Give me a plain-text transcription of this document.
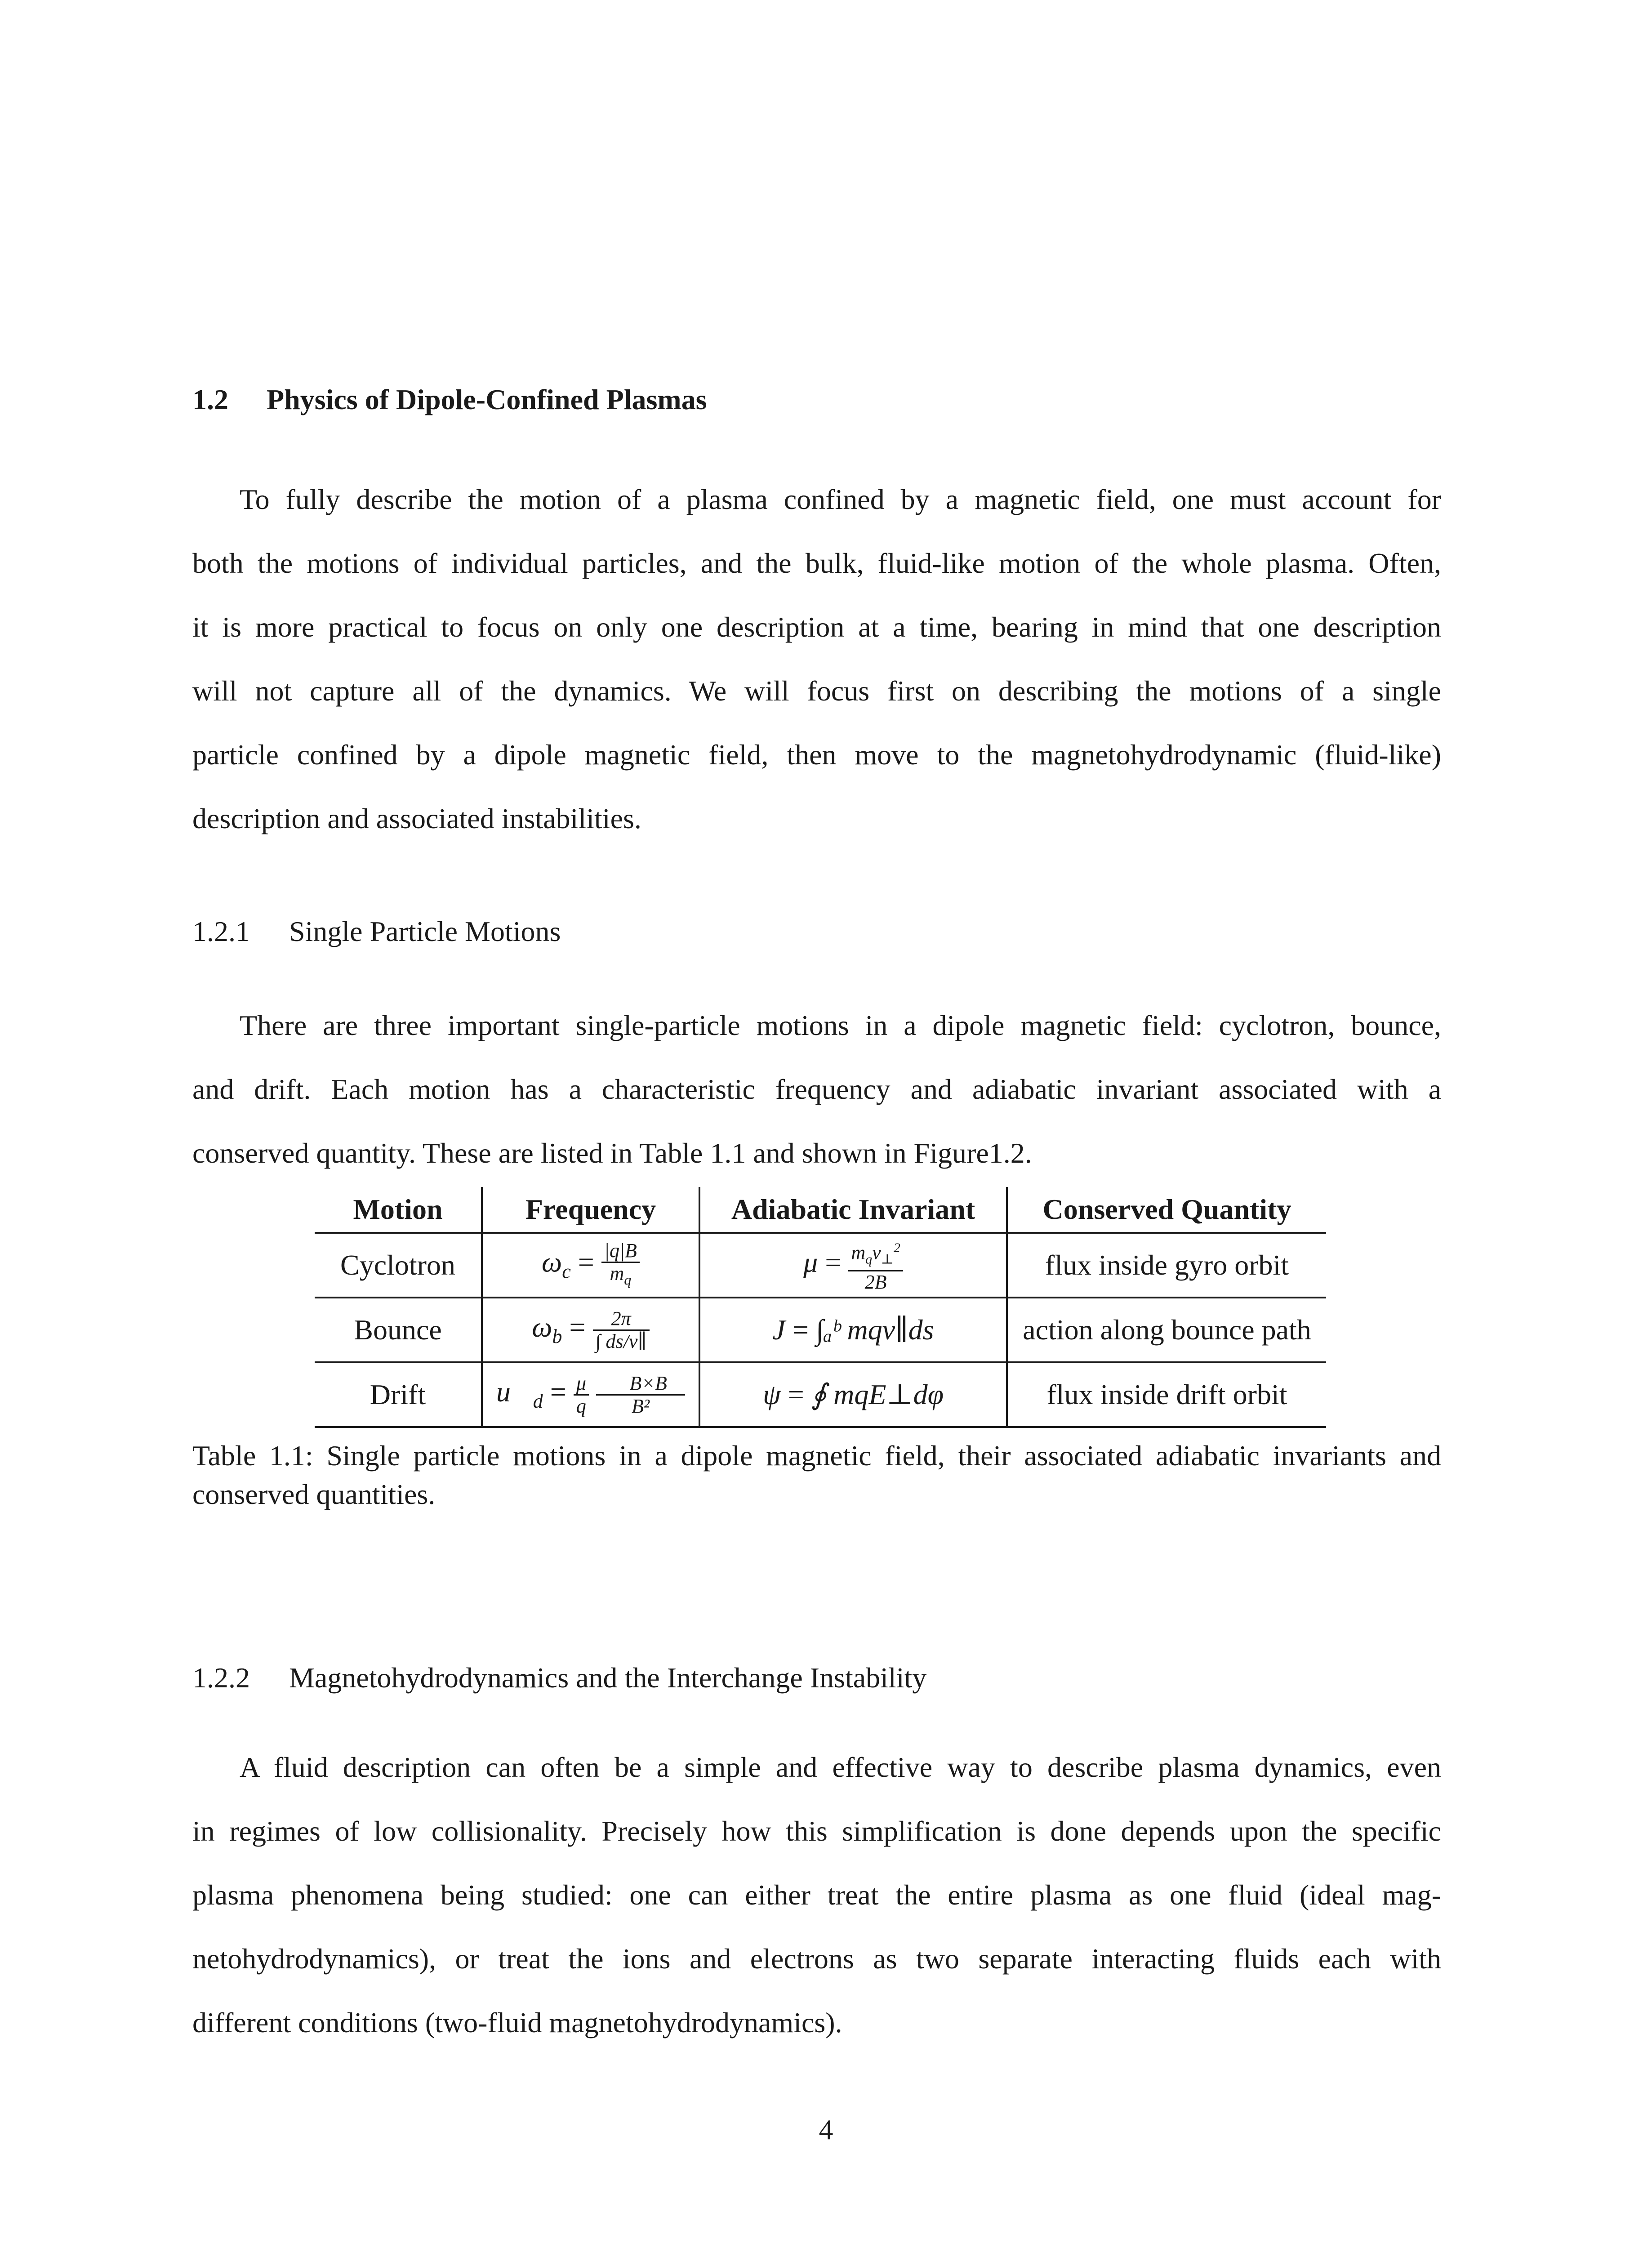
1.2 Physics of Dipole-Confined Plasmas
To fully describe the motion of a plasma confined by a magnetic field, one must account for
both the motions of individual particles, and the bulk, fluid-like motion of the whole plasma. Often,
it is more practical to focus on only one description at a time, bearing in mind that one description
will not capture all of the dynamics. We will focus first on describing the motions of a single
particle confined by a dipole magnetic field, then move to the magnetohydrodynamic (fluid-like)
description and associated instabilities.
1.2.1 Single Particle Motions
There are three important single-particle motions in a dipole magnetic field: cyclotron, bounce,
and drift. Each motion has a characteristic frequency and adiabatic invariant associated with a
conserved quantity. These are listed in Table 1.1 and shown in Figure1.2.
Motion	Frequency	Adiabatic Invariant	Conserved Quantity
Cyclotron	$\omega_c = \frac{|q|B}{m_q}$	$\mu = \frac{m_qv_\perp^2}{2B}$	flux inside gyro orbit
Bounce	$\omega_b = \frac{2\pi}{\int ds/v\parallel}$	J = ∫ₐᵇ mqv∥ds	action along bounce path
Drift	$u⃗_d = \frac{\mu}{q}$
$\frac{\nabla⃗B\times B⃗}{\text{B²}}$	ψ = ∮ mqE⊥dφ	flux inside drift orbit
Table 1.1: Single particle motions in a dipole magnetic field, their associated adiabatic invariants and conserved quantities.
1.2.2 Magnetohydrodynamics and the Interchange Instability
A fluid description can often be a simple and effective way to describe plasma dynamics, even
in regimes of low collisionality. Precisely how this simplification is done depends upon the specific
plasma phenomena being studied: one can either treat the entire plasma as one fluid (ideal mag-
netohydrodynamics), or treat the ions and electrons as two separate interacting fluids each with
different conditions (two-fluid magnetohydrodynamics).
4
